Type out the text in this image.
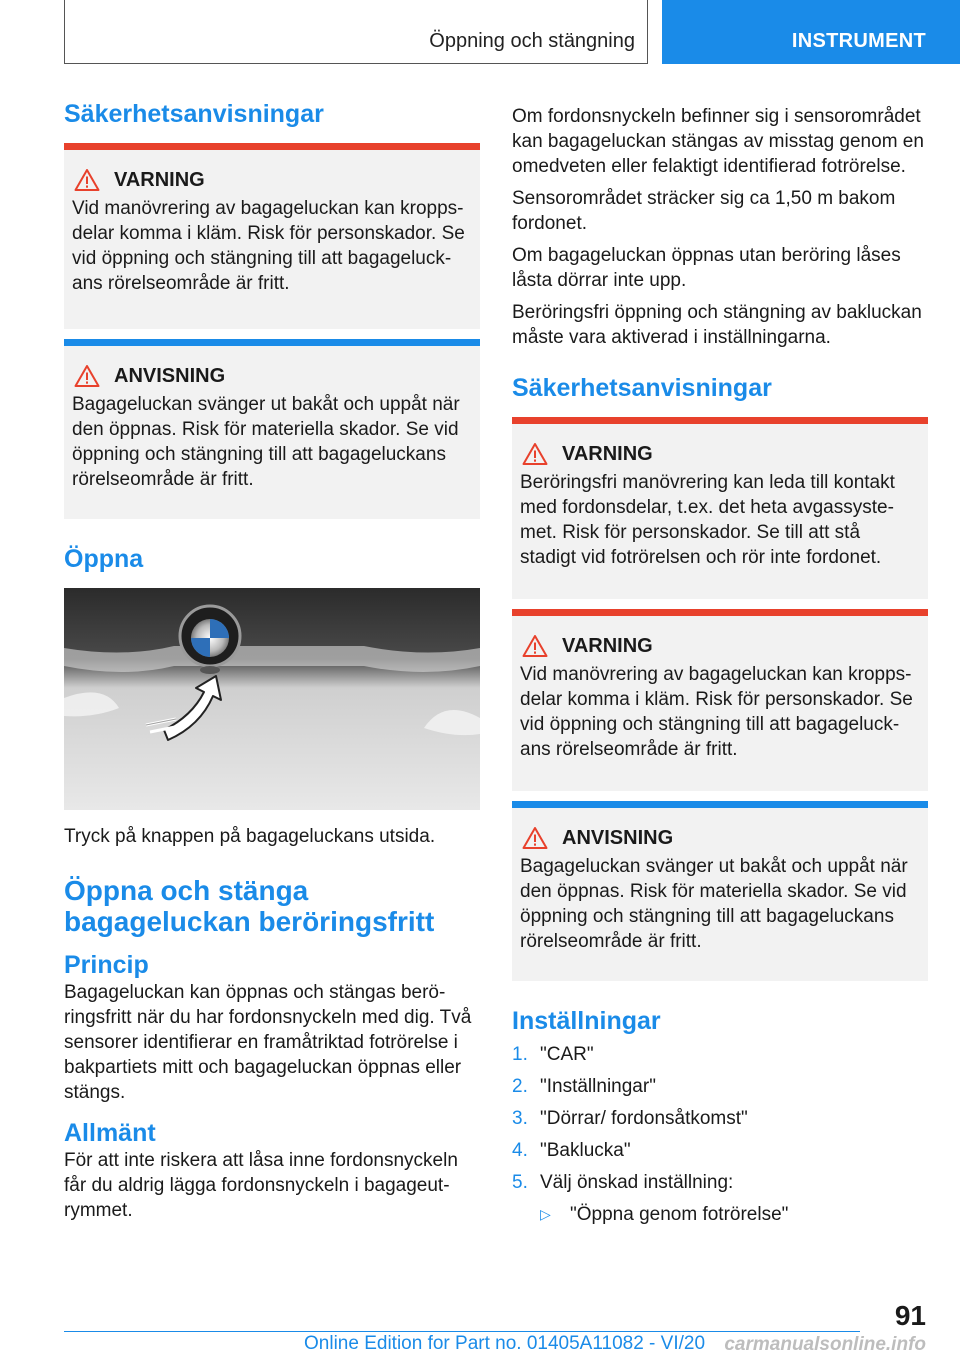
Öppning och stängning	INSTRUMENT
Säkerhetsanvisningar
VARNING

Vid manövrering av bagageluckan kan kroppsdelar komma i kläm. Risk för personskador. Se vid öppning och stängning till att bagageluckans rörelseområde är fritt.

ANVISNING

Bagageluckan svänger ut bakåt och uppåt när den öppnas. Risk för materiella skador. Se vid öppning och stängning till att bagageluckans rörelseområde är fritt.

Öppna

Tryck på knappen på bagageluckans utsida.

Öppna och stänga bagageluckan beröringsfritt
Princip

Bagageluckan kan öppnas och stängas beröringsfritt när du har fordonsnyckeln med dig. Två sensorer identifierar en framåtriktad fotrörelse i bakpartiets mitt och bagageluckan öppnas eller stängs.

Allmänt

För att inte riskera att låsa inne fordonsnyckeln får du aldrig lägga fordonsnyckeln i bagageutrymmet.

Om fordonsnyckeln befinner sig i sensorområdet kan bagageluckan stängas av misstag genom en omedveten eller felaktigt identifierad fotrörelse.

Sensorområdet sträcker sig ca 1,50 m bakom fordonet.

Om bagageluckan öppnas utan beröring låses låsta dörrar inte upp.

Beröringsfri öppning och stängning av bakluckan måste vara aktiverad i inställningarna.

Säkerhetsanvisningar
VARNING

Beröringsfri manövrering kan leda till kontakt med fordonsdelar, t.ex. det heta avgassystemet. Risk för personskador. Se till att stå stadigt vid fotrörelsen och rör inte fordonet.

VARNING

Vid manövrering av bagageluckan kan kroppsdelar komma i kläm. Risk för personskador. Se vid öppning och stängning till att bagageluckans rörelseområde är fritt.

ANVISNING

Bagageluckan svänger ut bakåt och uppåt när den öppnas. Risk för materiella skador. Se vid öppning och stängning till att bagageluckans rörelseområde är fritt.

Inställningar
1. "CAR"
2. "Inställningar"
3. "Dörrar/ fordonsåtkomst"
4. "Baklucka"
5. Välj önskad inställning:
▷	"Öppna genom fotrörelse"
91
Online Edition for Part no. 01405A11082 - VI/20 carmanualsonline.info
